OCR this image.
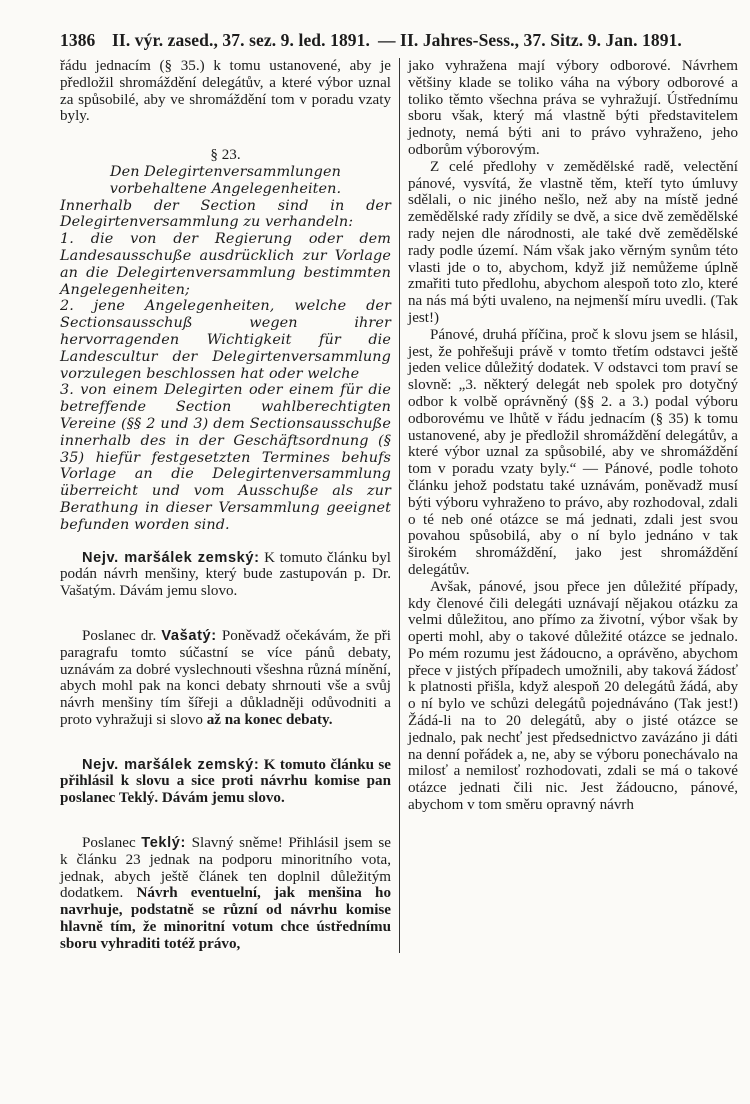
1386 II. výr. zased., 37. sez. 9. led. 1891. — II. Jahres-Sess., 37. Sitz. 9. Jan. 1891.

řádu jednacím (§ 35.) k tomu ustanovené, aby je předložil shromáždění delegátův, a které výbor uznal za spůsobilé, aby ve shromáždění tom v poradu vzaty byly.

§ 23.

Den Delegirtenversammlungen vorbehaltene Angelegenheiten.

Innerhalb der Section sind in der Delegirtenversammlung zu verhandeln:

1. die von der Regierung oder dem Landesausschuße ausdrücklich zur Vorlage an die Delegirtenversammlung bestimmten Angelegenheiten;

2. jene Angelegenheiten, welche der Sectionsausschuß wegen ihrer hervorragenden Wichtigkeit für die Landescultur der Delegirtenversammlung vorzulegen beschlossen hat oder welche

3. von einem Delegirten oder einem für die betreffende Section wahlberechtigten Vereine (§§ 2 und 3) dem Sectionsausschuße innerhalb des in der Geschäftsordnung (§ 35) hiefür festgesetzten Termines behufs Vorlage an die Delegirtenversammlung überreicht und vom Ausschuße als zur Berathung in dieser Versammlung geeignet befunden worden sind.

Nejv. maršálek zemský: K tomuto článku byl podán návrh menšiny, který bude zastupován p. Dr. Vašatým. Dávám jemu slovo.

Poslanec dr. Vašatý: Poněvadž očekávám, že při paragrafu tomto súčastní se více pánů debaty, uznávám za dobré vyslechnouti všeshna různá mínění, abych mohl pak na konci debaty shrnouti vše a svůj návrh menšiny tím šířeji a důkladněji odůvodniti a proto vyhražuji si slovo až na konec debaty.

Nejv. maršálek zemský: K tomuto článku se přihlásil k slovu a sice proti návrhu komise pan poslanec Teklý. Dávám jemu slovo.

Poslanec Teklý: Slavný sněme! Přihlásil jsem se k článku 23 jednak na podporu minoritního vota, jednak, abych ještě článek ten doplnil důležitým dodatkem. Návrh eventuelní, jak menšina ho navrhuje, podstatně se různí od návrhu komise hlavně tím, že minoritní votum chce ústřednímu sboru vyhraditi totéž právo,

jako vyhražena mají výbory odborové. Návrhem většiny klade se toliko váha na výbory odborové a toliko těmto všechna práva se vyhražují. Ústřednímu sboru však, který má vlastně býti představitelem jednoty, nemá býti ani to právo vyhraženo, jeho odborům výborovým.

Z celé předlohy v zemědělské radě, velectění pánové, vysvítá, že vlastně těm, kteří tyto úmluvy sdělali, o nic jiného nešlo, než aby na místě jedné zemědělské rady zřídily se dvě, a sice dvě zemědělské rady nejen dle národnosti, ale také dvě zemědělské rady podle území. Nám však jako věrným synům této vlasti jde o to, abychom, když již nemůžeme úplně zmařiti tuto předlohu, abychom alespoň toto zlo, které na nás má býti uvaleno, na nejmenší míru uvedli. (Tak jest!)

Pánové, druhá příčina, proč k slovu jsem se hlásil, jest, že pohřešuji právě v tomto třetím odstavci ještě jeden velice důležitý dodatek. V odstavci tom praví se slovně: „3. některý delegát neb spolek pro dotyčný odbor k volbě oprávněný (§§ 2. a 3.) podal výboru odborovému ve lhůtě v řádu jednacím (§ 35) k tomu ustanovené, aby je předložil shromáždění delegátův, a které výbor uznal za spůsobilé, aby ve shromáždění tom v poradu vzaty byly.“ — Pánové, podle tohoto článku jehož podstatu také uznávám, poněvadž musí býti výboru vyhraženo to právo, aby rozhodoval, zdali o té neb oné otázce se má jednati, zdali jest svou povahou spůsobilá, aby o ní bylo jednáno v tak širokém shromáždění, jako jest shromáždění delegátův.

Avšak, pánové, jsou přece jen důležité případy, kdy členové čili delegáti uznávají nějakou otázku za velmi důležitou, ano přímo za životní, výbor však by operti mohl, aby o takové důležité otázce se jednalo. Po mém rozumu jest žádoucno, a oprávěno, abychom přece v jistých případech umožnili, aby taková žádosť k platnosti přišla, když alespoň 20 delegátů žádá, aby o ní bylo ve schůzi delegátů pojednáváno (Tak jest!) Žádá-li na to 20 delegátů, aby o jisté otázce se jednalo, pak nechť jest předsednictvo zavázáno ji dáti na denní pořádek a, ne, aby se výboru ponechávalo na milosť a nemilosť rozhodovati, zdali se má o takové otázce jednati čili nic. Jest žádoucno, pánové, abychom v tom směru opravný návrh
